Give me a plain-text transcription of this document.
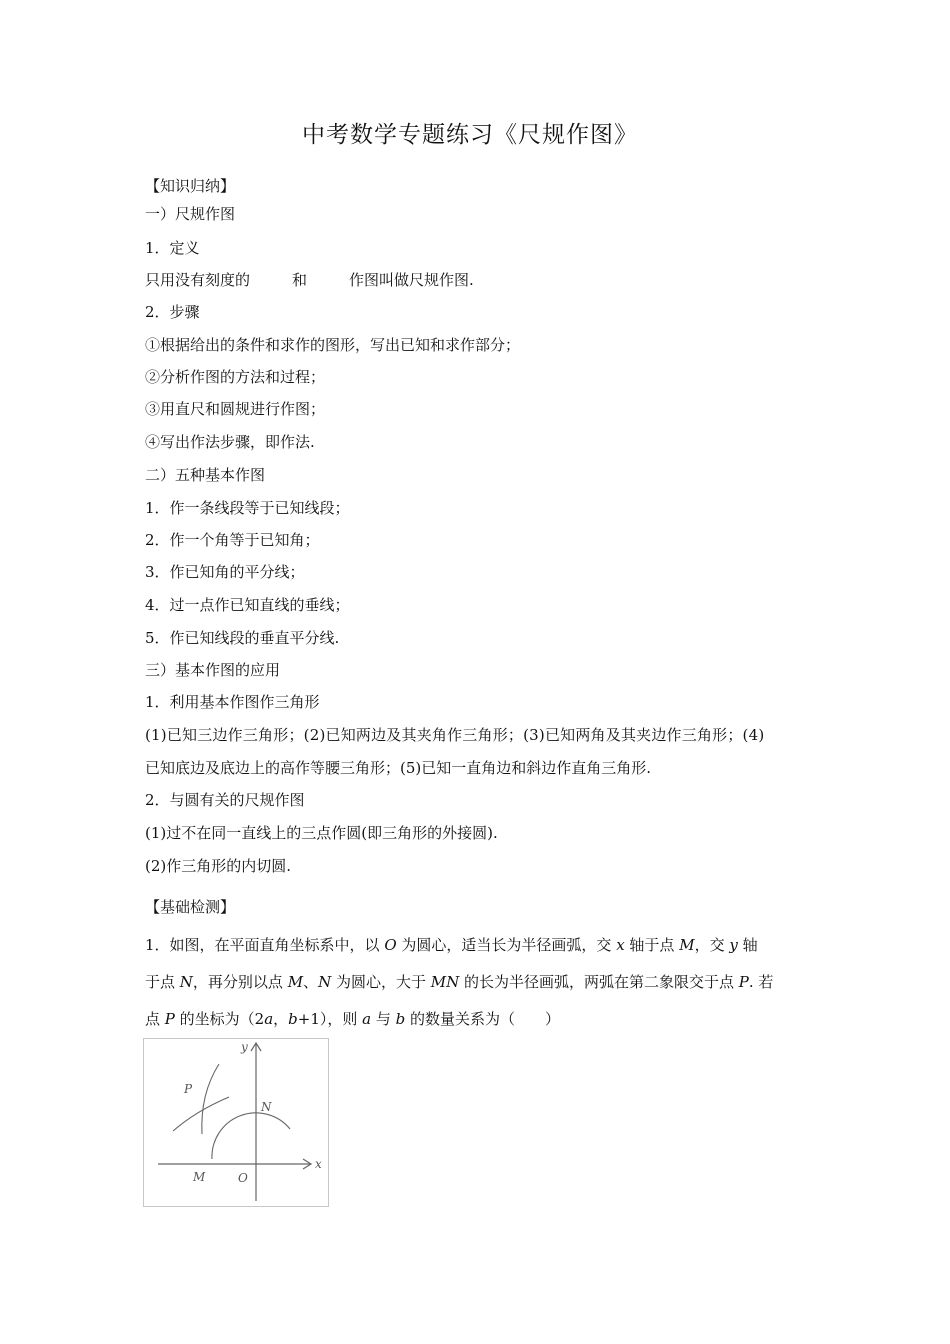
中考数学专题练习《尺规作图》
【知识归纳】
一）尺规作图
1．定义
只用没有刻度的	和	作图叫做尺规作图.
2．步骤
①根据给出的条件和求作的图形，写出已知和求作部分；
②分析作图的方法和过程；
③用直尺和圆规进行作图；
④写出作法步骤，即作法.
二）五种基本作图
1．作一条线段等于已知线段；
2．作一个角等于已知角；
3．作已知角的平分线；
4．过一点作已知直线的垂线；
5．作已知线段的垂直平分线.
三）基本作图的应用
1．利用基本作图作三角形
(1)已知三边作三角形；(2)已知两边及其夹角作三角形；(3)已知两角及其夹边作三角形；(4)
已知底边及底边上的高作等腰三角形；(5)已知一直角边和斜边作直角三角形.
2．与圆有关的尺规作图
(1)过不在同一直线上的三点作圆(即三角形的外接圆).
(2)作三角形的内切圆.
【基础检测】
1．如图，在平面直角坐标系中，以 O 为圆心，适当长为半径画弧，交 x 轴于点 M，交 y 轴
于点 N，再分别以点 M、N 为圆心，大于 MN 的长为半径画弧，两弧在第二象限交于点 P. 若
点 P 的坐标为（2a，b+1），则 a 与 b 的数量关系为（　　）
y
x
P
N
M	O
